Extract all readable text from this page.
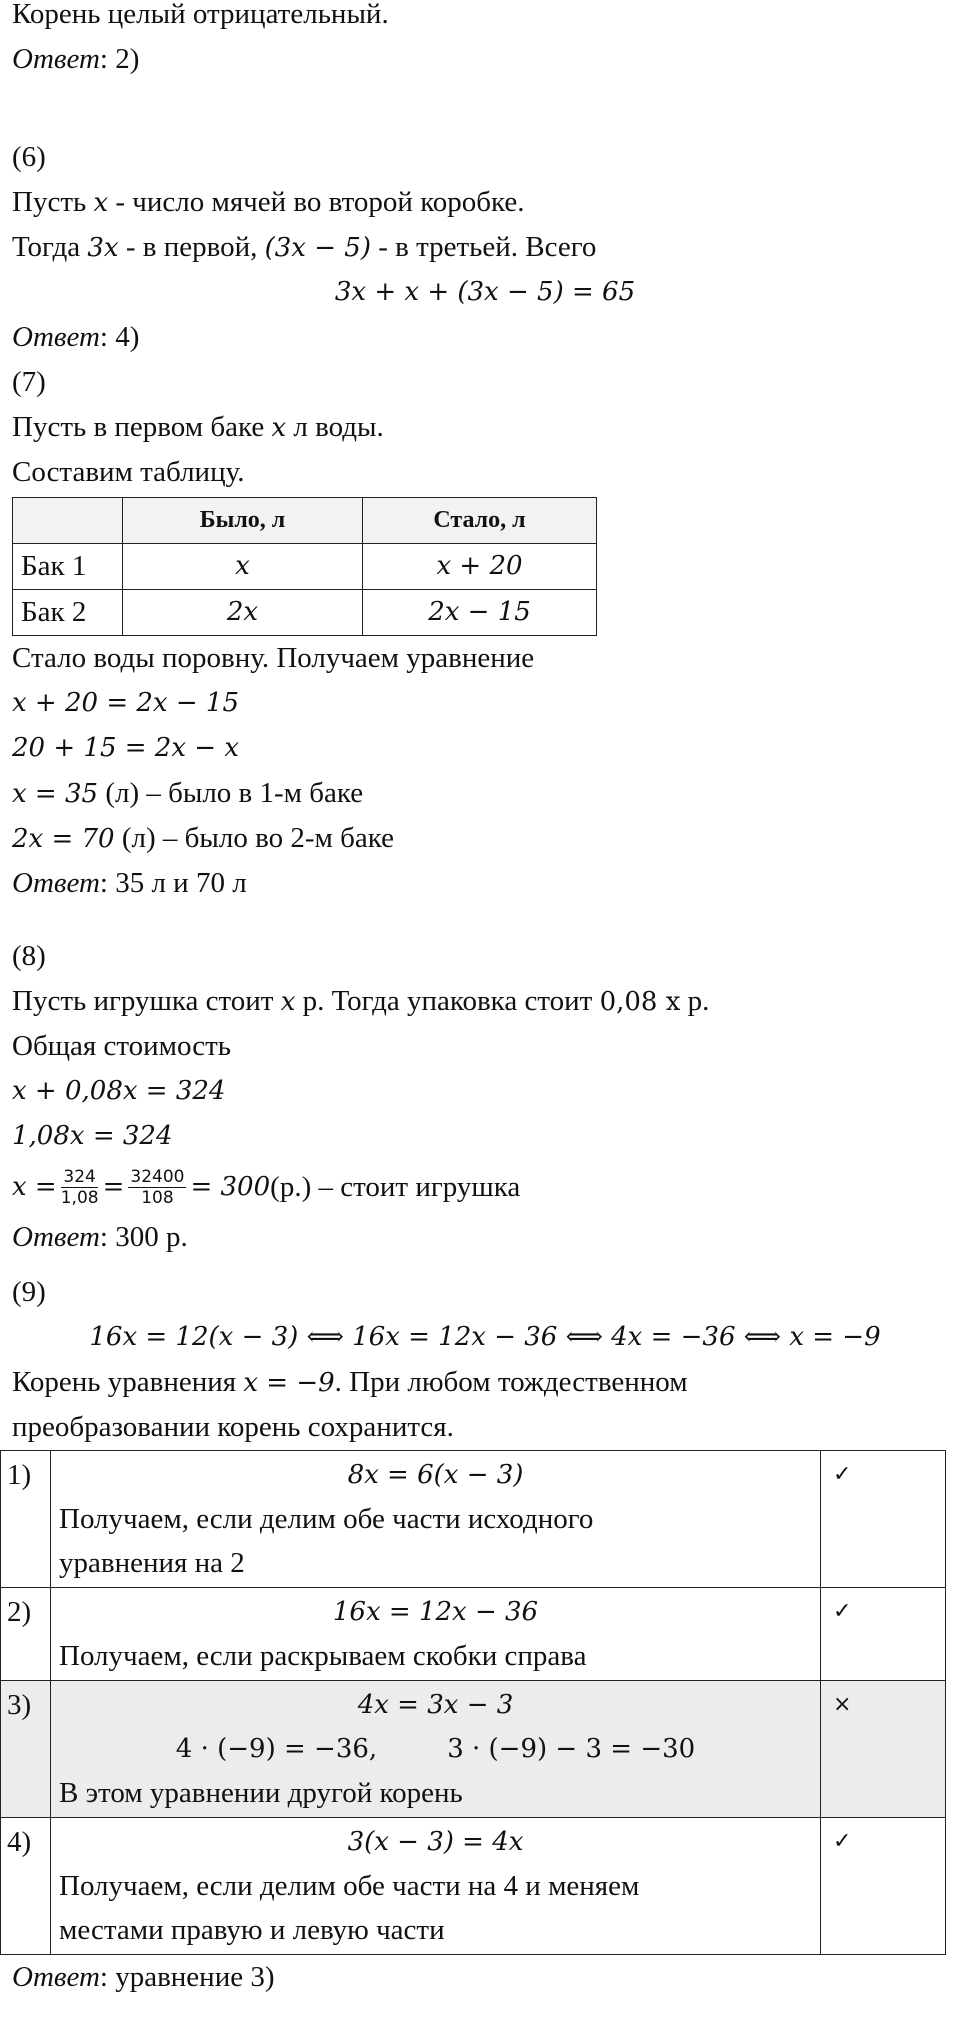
Корень целый отрицательный.
Ответ: 2)
(6)
Пусть x - число мячей во второй коробке.
Тогда 3x - в первой, (3x − 5) - в третьей. Всего
3x + x + (3x − 5) = 65
Ответ: 4)
(7)
Пусть в первом баке x л воды.
Составим таблицу.
	Было, л	Стало, л
Бак 1	x	x + 20
Бак 2	2x	2x − 15
Стало воды поровну. Получаем уравнение
x + 20 = 2x − 15
20 + 15 = 2x − x
x = 35 (л) – было в 1-м баке
2x = 70 (л) – было во 2-м баке
Ответ: 35 л и 70 л
(8)
Пусть игрушка стоит x р. Тогда упаковка стоит 0,08 x р.
Общая стоимость
x + 0,08x = 324
1,08x = 324
$x = \frac{324}{1,08} = \frac{32400}{108} = 300$ (р.) – стоит игрушка
Ответ: 300 р.
(9)
16x = 12(x − 3) ⟺ 16x = 12x − 36 ⟺ 4x = −36 ⟺ x = −9
Корень уравнения x = −9. При любом тождественном
преобразовании корень сохранится.
1)	8x = 6(x − 3)
Получаем, если делим обе части исходного
уравнения на 2	✓
2)	16x = 12x − 36
Получаем, если раскрываем скобки справа	✓
3)	4x = 3x − 3
4 · (−9) = −36, 3 · (−9) − 3 = −30
В этом уравнении другой корень	×
4)	3(x − 3) = 4x
Получаем, если делим обе части на 4 и меняем
местами правую и левую части	✓
Ответ: уравнение 3)
